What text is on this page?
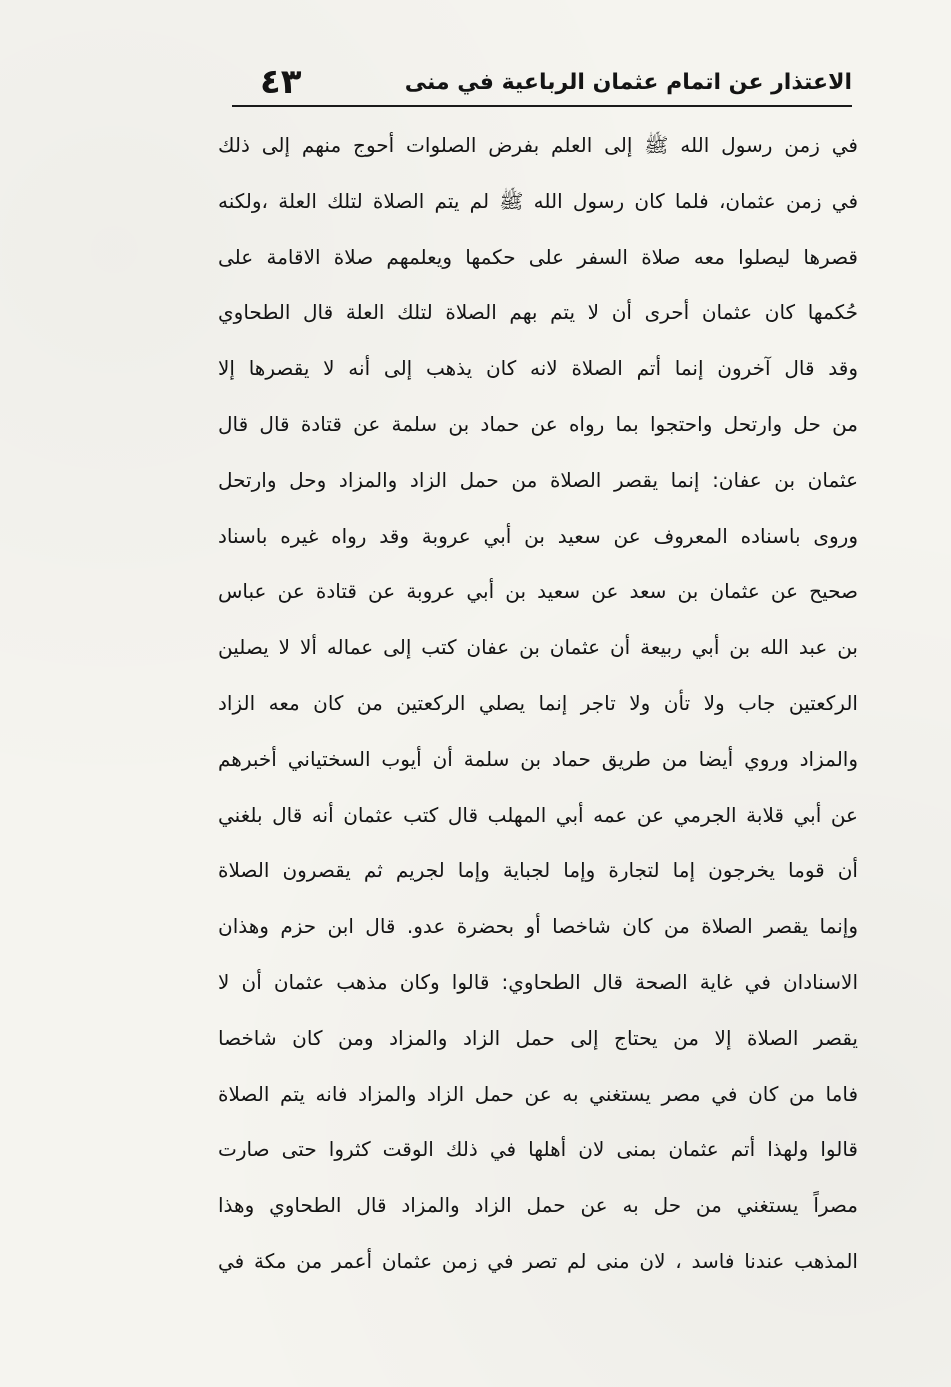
الاعتذار عن اتمام عثمان الرباعية في منى
٤٣
في زمن رسول الله ﷺ إلى العلم بفرض الصلوات أحوج منهم إلى ذلك
في زمن عثمان، فلما كان رسول الله ﷺ لم يتم الصلاة لتلك العلة ،ولكنه
قصرها ليصلوا معه صلاة السفر على حكمها ويعلمهم صلاة الاقامة على
حُكمها كان عثمان أحرى أن لا يتم بهم الصلاة لتلك العلة قال الطحاوي
وقد قال آخرون إنما أتم الصلاة لانه كان يذهب إلى أنه لا يقصرها إلا
من حل وارتحل واحتجوا بما رواه عن حماد بن سلمة عن قتادة قال قال
عثمان بن عفان: إنما يقصر الصلاة من حمل الزاد والمزاد وحل وارتحل
وروى باسناده المعروف عن سعيد بن أبي عروبة وقد رواه غيره باسناد
صحيح عن عثمان بن سعد عن سعيد بن أبي عروبة عن قتادة عن عباس
بن عبد الله بن أبي ربيعة أن عثمان بن عفان كتب إلى عماله ألا لا يصلين
الركعتين جاب ولا تأن ولا تاجر إنما يصلي الركعتين من كان معه الزاد
والمزاد وروي أيضا من طريق حماد بن سلمة أن أيوب السختياني أخبرهم
عن أبي قلابة الجرمي عن عمه أبي المهلب قال كتب عثمان أنه قال بلغني
أن قوما يخرجون إما لتجارة وإما لجباية وإما لجريم ثم يقصرون الصلاة
وإنما يقصر الصلاة من كان شاخصا أو بحضرة عدو. قال ابن حزم وهذان
الاسنادان في غاية الصحة قال الطحاوي: قالوا وكان مذهب عثمان أن لا
يقصر الصلاة إلا من يحتاج إلى حمل الزاد والمزاد ومن كان شاخصا
فاما من كان في مصر يستغني به عن حمل الزاد والمزاد فانه يتم الصلاة
قالوا ولهذا أتم عثمان بمنى لان أهلها في ذلك الوقت كثروا حتى صارت
مصراً يستغني من حل به عن حمل الزاد والمزاد قال الطحاوي وهذا
المذهب عندنا فاسد ، لان منى لم تصر في زمن عثمان أعمر من مكة في
